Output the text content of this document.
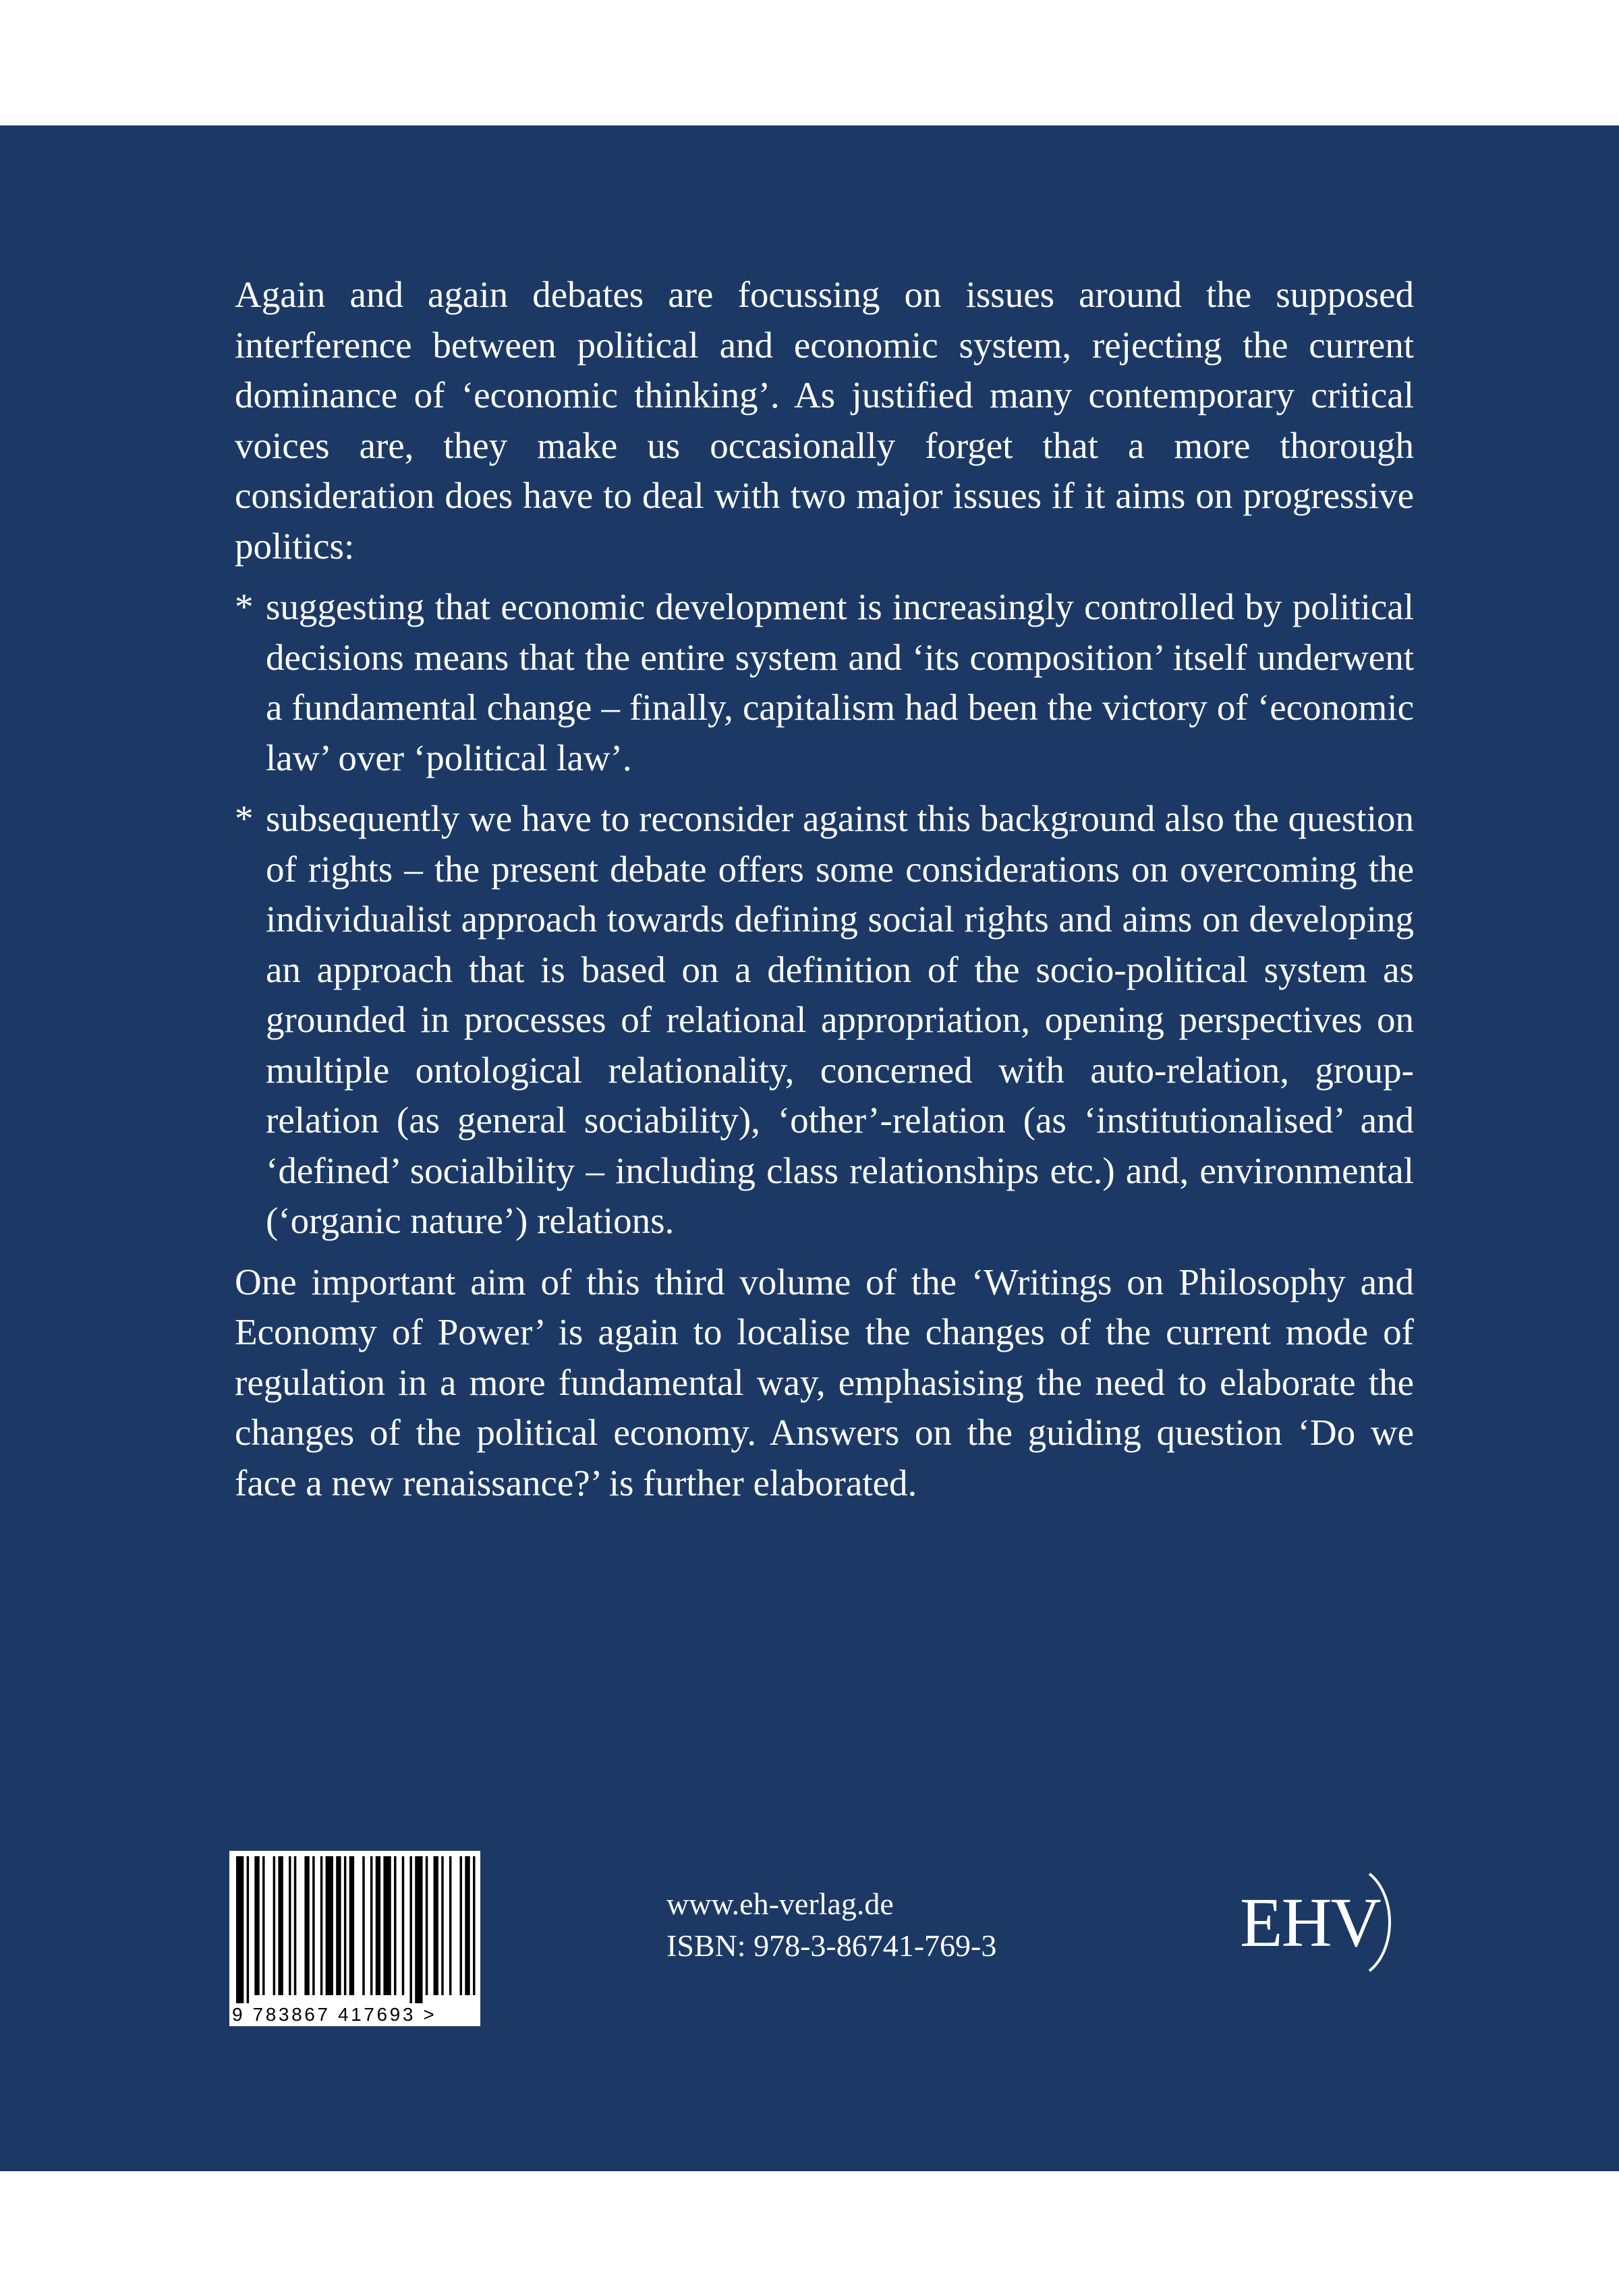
Again and again debates are focussing on issues around the supposed interference between political and economic system, rejecting the current dominance of ‘economic thinking’. As justified many contemporary critical voices are, they make us occasionally forget that a more thorough consideration does have to deal with two major issues if it aims on progressive politics:

* suggesting that economic development is increasingly controlled by political decisions means that the entire system and ‘its composition’ itself underwent a fundamental change – finally, capitalism had been the victory of ‘economic law’ over ‘political law’.
* subsequently we have to reconsider against this background also the question of rights – the present debate offers some considerations on overcoming the individualist approach towards defining social rights and aims on developing an approach that is based on a definition of the socio-political system as grounded in processes of relational appropriation, opening perspectives on multiple ontological relationality, concerned with auto-relation, group-relation (as general sociability), ‘other’-relation (as ‘institutionalised’ and ‘defined’ socialbility – including class relationships etc.) and, environmental (‘organic nature’) relations.

One important aim of this third volume of the ‘Writings on Philosophy and Economy of Power’ is again to localise the changes of the current mode of regulation in a more fundamental way, emphasising the need to elaborate the changes of the political economy. Answers on the guiding question ‘Do we face a new renaissance?’ is further elaborated.

9 783867 417693 >
www.eh-verlag.de
ISBN: 978-3-86741-769-3	EHV
